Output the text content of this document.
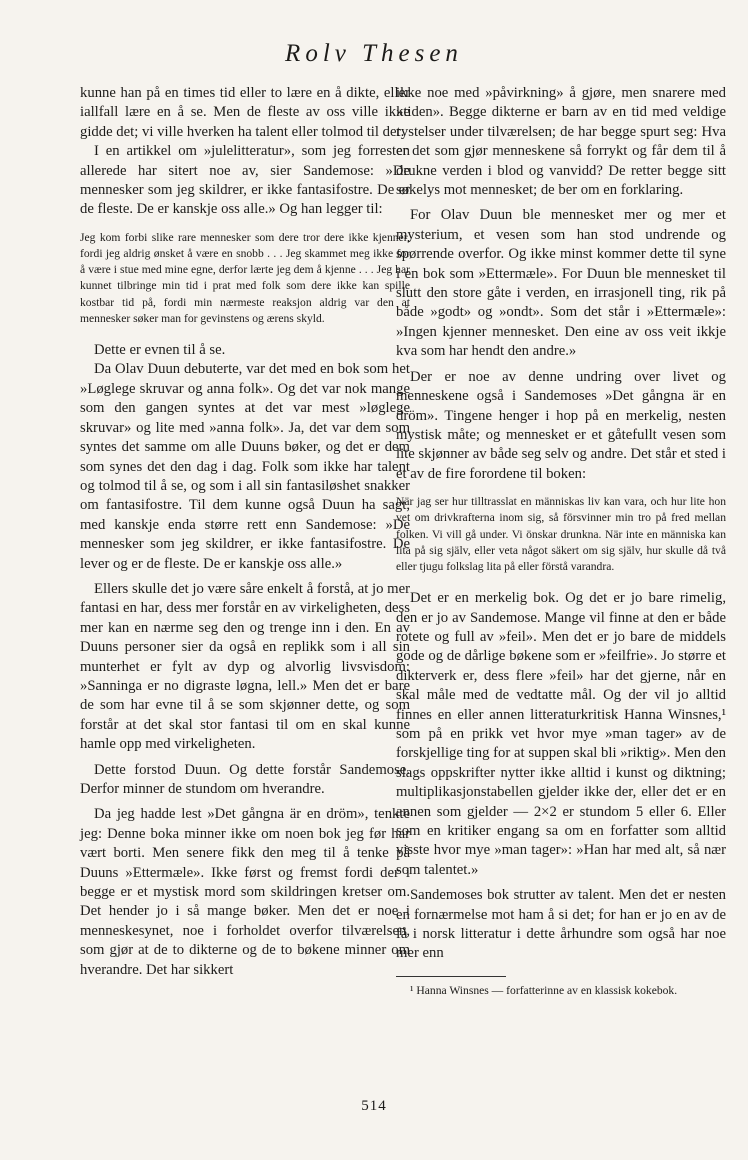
Rolv Thesen

kunne han på en times tid eller to lære en å dikte, eller iallfall lære en å se. Men de fleste av oss ville ikke gidde det; vi ville hverken ha talent eller tolmod til det.

I en artikkel om »julelitteratur», som jeg forresten allerede har sitert noe av, sier Sandemose: »De mennesker som jeg skildrer, er ikke fantasifostre. De er de fleste. De er kanskje oss alle.» Og han legger til:

Jeg kom forbi slike rare mennesker som dere tror dere ikke kjenner, fordi jeg aldrig ønsket å være en snobb . . . Jeg skammet meg ikke for å være i stue med mine egne, derfor lærte jeg dem å kjenne . . . Jeg har kunnet tilbringe min tid i prat med folk som dere ikke kan spille kostbar tid på, fordi min nærmeste reaksjon aldrig var den at mennesker søker man for gevinstens og ærens skyld.

Dette er evnen til å se.

Da Olav Duun debuterte, var det med en bok som het »Løglege skruvar og anna folk». Og det var nok mange som den gangen syntes at det var mest »løglege skruvar» og lite med »anna folk». Ja, det var dem som syntes det samme om alle Duuns bøker, og det er dem som synes det den dag i dag. Folk som ikke har talent og tolmod til å se, og som i all sin fantasiløshet snakker om fantasifostre. Til dem kunne også Duun ha sagt, med kanskje enda større rett enn Sandemose: »De mennesker som jeg skildrer, er ikke fantasifostre. De lever og er de fleste. De er kanskje oss alle.»

Ellers skulle det jo være såre enkelt å forstå, at jo mer fantasi en har, dess mer forstår en av virkeligheten, dess mer kan en nærme seg den og trenge inn i den. En av Duuns personer sier da også en replikk som i all sin munterhet er fylt av dyp og alvorlig livsvisdom: »Sanninga er no digraste løgna, lell.» Men det er bare de som har evne til å se som skjønner dette, og som forstår at det skal stor fantasi til om en skal kunne hamle opp med virkeligheten.

Dette forstod Duun. Og dette forstår Sandemose. Derfor minner de stundom om hverandre.

Da jeg hadde lest »Det gångna är en dröm», tenkte jeg: Denne boka minner ikke om noen bok jeg før har vært borti. Men senere fikk den meg til å tenke på Duuns »Ettermæle». Ikke først og fremst fordi der i begge er et mystisk mord som skildringen kretser om. Det hender jo i så mange bøker. Men det er noe i menneskesynet, noe i forholdet overfor tilværelsen, som gjør at de to dikterne og de to bøkene minner om hverandre. Det har sikkert

ikke noe med »påvirkning» å gjøre, men snarere med »tiden». Begge dikterne er barn av en tid med veldige rystelser under tilværelsen; de har begge spurt seg: Hva er det som gjør menneskene så forrykt og får dem til å drukne verden i blod og vanvidd? De retter begge sitt søkelys mot mennesket; de ber om en forklaring.

For Olav Duun ble mennesket mer og mer et mysterium, et vesen som han stod undrende og spørrende overfor. Og ikke minst kommer dette til syne i en bok som »Ettermæle». For Duun ble mennesket til slutt den store gåte i verden, en irrasjonell ting, rik på både »godt» og »ondt». Som det står i »Ettermæle»: »Ingen kjenner mennesket. Den eine av oss veit ikkje kva som har hendt den andre.»

Der er noe av denne undring over livet og menneskene også i Sandemoses »Det gångna är en dröm». Tingene henger i hop på en merkelig, nesten mystisk måte; og mennesket er et gåtefullt vesen som lite skjønner av både seg selv og andre. Det står et sted i et av de fire forordene til boken:

När jag ser hur tilltrasslat en människas liv kan vara, och hur lite hon vet om drivkrafterna inom sig, så försvinner min tro på fred mellan folken. Vi vill gå under. Vi önskar drunkna. När inte en människa kan lita på sig själv, eller veta något säkert om sig själv, hur skulle då två eller tjugu folkslag lita på eller förstå varandra.

Det er en merkelig bok. Og det er jo bare rimelig, den er jo av Sandemose. Mange vil finne at den er både rotete og full av »feil». Men det er jo bare de middels gode og de dårlige bøkene som er »feilfrie». Jo større et dikterverk er, dess flere »feil» har det gjerne, når en skal måle med de vedtatte mål. Og der vil jo alltid finnes en eller annen litteraturkritisk Hanna Winsnes,¹ som på en prikk vet hvor mye »man tager» av de forskjellige ting for at suppen skal bli »riktig». Men den slags oppskrifter nytter ikke alltid i kunst og diktning; multiplikasjonstabellen gjelder ikke der, eller det er en annen som gjelder — 2×2 er stundom 5 eller 6. Eller som en kritiker engang sa om en forfatter som alltid visste hvor mye »man tager»: »Han har med alt, så nær som talentet.»

Sandemoses bok strutter av talent. Men det er nesten en fornærmelse mot ham å si det; for han er jo en av de få i norsk litteratur i dette århundre som også har noe mer enn

¹ Hanna Winsnes — forfatterinne av en klassisk kokebok.

514
